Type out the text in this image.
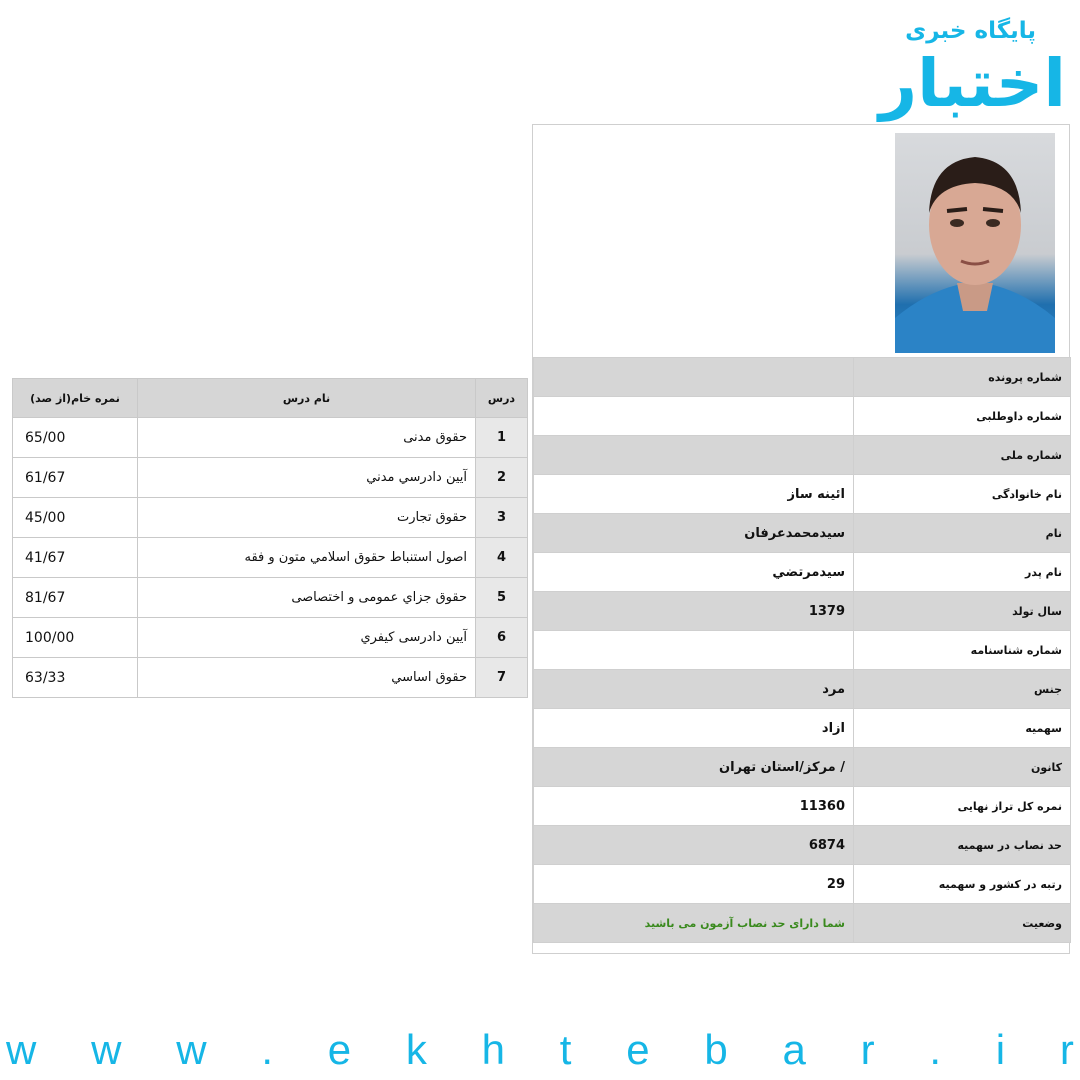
پایگاه خبری
اختبار
درس	نام درس	نمره خام(از صد)
1	حقوق مدنی	65/00
2	آيين دادرسي مدني	61/67
3	حقوق تجارت	45/00
4	اصول استنباط حقوق اسلامي متون و فقه	41/67
5	حقوق جزاي عمومی و اختصاصی	81/67
6	آيين دادرسی كيفري	100/00
7	حقوق اساسي	63/33
شماره پرونده	
شماره داوطلبی	
شماره ملی	
نام خانوادگی	ائينه ساز
نام	سيدمحمدعرفان
نام پدر	سيدمرتضي
سال تولد	1379
شماره شناسنامه	
جنس	مرد
سهمیه	ازاد
کانون	/ مرکز/استان تهران
نمره کل تراز نهایی	11360
حد نصاب در سهمیه	6874
رتبه در کشور و سهمیه	29
وضعیت	شما دارای حد نصاب آزمون می باشید
w w w . e k h t e b a r . i r
